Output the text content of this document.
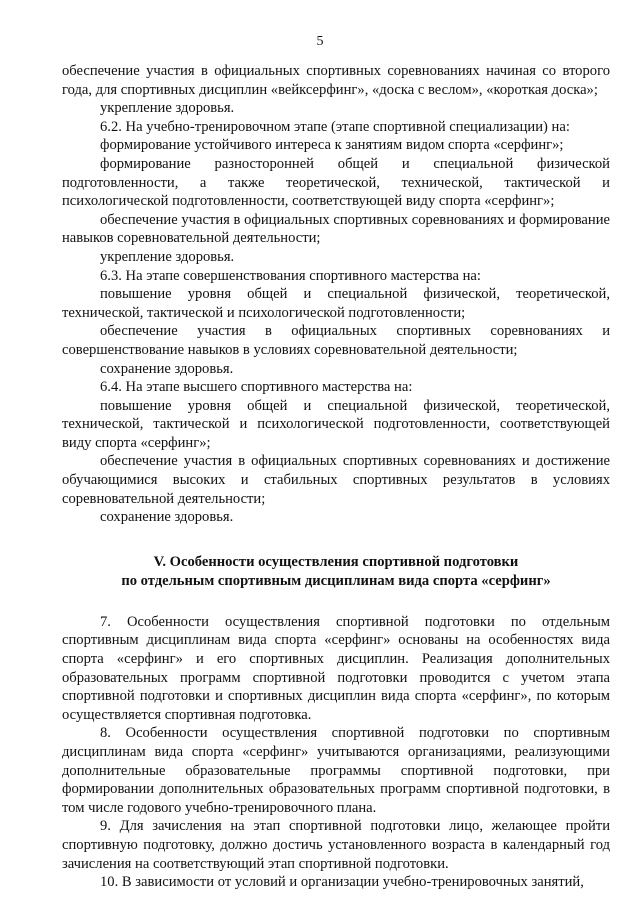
5

обеспечение участия в официальных спортивных соревнованиях начиная со второго года, для спортивных дисциплин «вейксерфинг», «доска с веслом», «короткая доска»;

укрепление здоровья.

6.2. На учебно-тренировочном этапе (этапе спортивной специализации) на:

формирование устойчивого интереса к занятиям видом спорта «серфинг»;

формирование разносторонней общей и специальной физической подготовленности, а также теоретической, технической, тактической и психологической подготовленности, соответствующей виду спорта «серфинг»;

обеспечение участия в официальных спортивных соревнованиях и формирование навыков соревновательной деятельности;

укрепление здоровья.

6.3. На этапе совершенствования спортивного мастерства на:

повышение уровня общей и специальной физической, теоретической, технической, тактической и психологической подготовленности;

обеспечение участия в официальных спортивных соревнованиях и совершенствование навыков в условиях соревновательной деятельности;

сохранение здоровья.

6.4. На этапе высшего спортивного мастерства на:

повышение уровня общей и специальной физической, теоретической, технической, тактической и психологической подготовленности, соответствующей виду спорта «серфинг»;

обеспечение участия в официальных спортивных соревнованиях и достижение обучающимися высоких и стабильных спортивных результатов в условиях соревновательной деятельности;

сохранение здоровья.

V. Особенности осуществления спортивной подготовки
по отдельным спортивным дисциплинам вида спорта «серфинг»

7. Особенности осуществления спортивной подготовки по отдельным спортивным дисциплинам вида спорта «серфинг» основаны на особенностях вида спорта «серфинг» и его спортивных дисциплин. Реализация дополнительных образовательных программ спортивной подготовки проводится с учетом этапа спортивной подготовки и спортивных дисциплин вида спорта «серфинг», по которым осуществляется спортивная подготовка.

8. Особенности осуществления спортивной подготовки по спортивным дисциплинам вида спорта «серфинг» учитываются организациями, реализующими дополнительные образовательные программы спортивной подготовки, при формировании дополнительных образовательных программ спортивной подготовки, в том числе годового учебно-тренировочного плана.

9. Для зачисления на этап спортивной подготовки лицо, желающее пройти спортивную подготовку, должно достичь установленного возраста в календарный год зачисления на соответствующий этап спортивной подготовки.

10. В зависимости от условий и организации учебно-тренировочных занятий,
